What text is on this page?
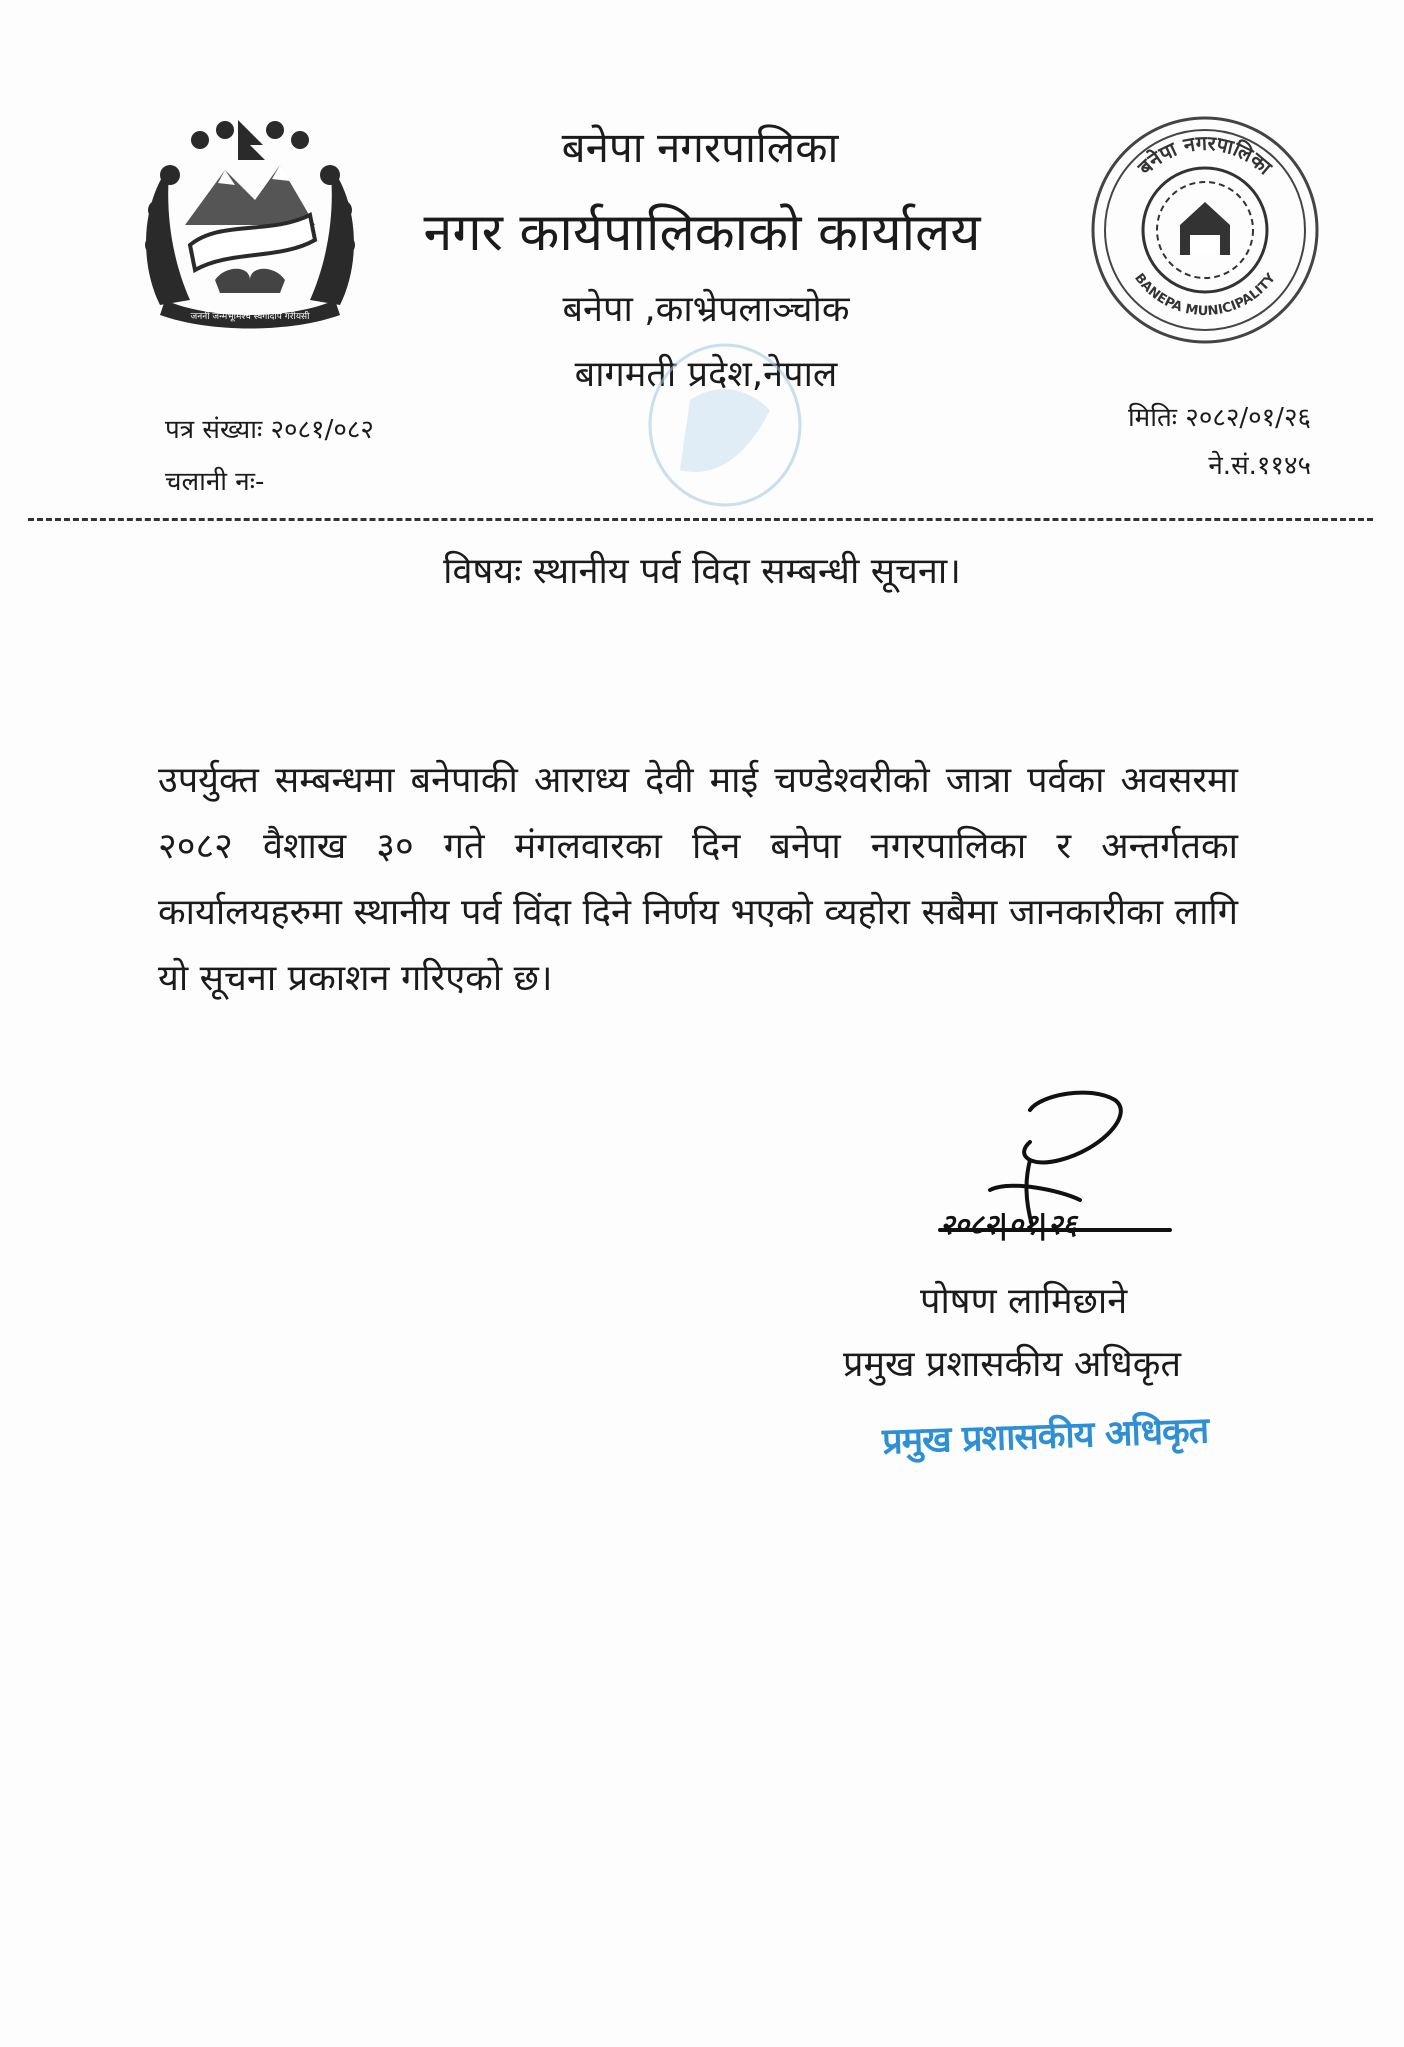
जननी जन्मभूमिश्च स्वर्गादपि गरीयसी
बनेपा नगरपालिका
नगर कार्यपालिकाको कार्यालय
बनेपा ,काभ्रेपलाञ्चोक
बागमती प्रदेश,नेपाल
बनेपा नगरपालिका
BANEPA MUNICIPALITY
पत्र संख्याः २०८१/०८२
चलानी नः-
मितिः २०८२/०१/२६
ने.सं.११४५
विषयः स्थानीय पर्व विदा सम्बन्धी सूचना।
उपर्युक्त सम्बन्धमा बनेपाकी आराध्य देवी माई चण्डेश्वरीको जात्रा पर्वका अवसरमा २०८२ वैशाख ३० गते मंगलवारका दिन बनेपा नगरपालिका र अन्तर्गतका कार्यालयहरुमा स्थानीय पर्व विंदा दिने निर्णय भएको व्यहोरा सबैमा जानकारीका लागि यो सूचना प्रकाशन गरिएको छ।
२०८२|०१|२६
पोषण लामिछाने
प्रमुख प्रशासकीय अधिकृत
प्रमुख प्रशासकीय अधिकृत
